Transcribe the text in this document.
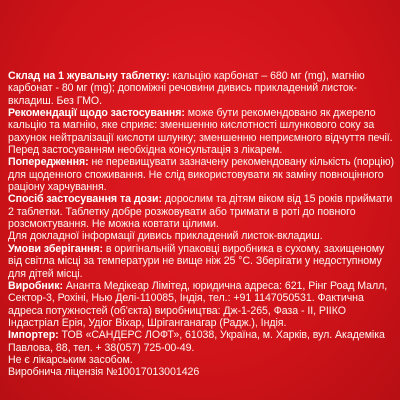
Склад на 1 жувальну таблетку: кальцію карбонат – 680 мг (mg), магнію карбонат - 80 мг (mg); допоміжні речовини дивись прикладений листок-вкладиш. Без ГМО.

Рекомендації щодо застосування: може бути рекомендовано як джерело кальцію та магнію, яке сприяє: зменшенню кислотності шлункового соку за рахунок нейтралізації кислоти шлунку; зменшенню неприємного відчуття печії.

Перед застосуванням необхідна консультація з лікарем.

Попередження: не перевищувати зазначену рекомендовану кількість (порцію) для щоденного споживання. Не слід використовувати як заміну повноцінного раціону харчування.

Спосіб застосування та дози: дорослим та дітям віком від 15 років приймати 2 таблетки. Таблетку добре розжовувати або тримати в роті до повного розсмоктування. Не можна ковтати цілими.

Для докладної інформації дивись прикладений листок-вкладиш.

Умови зберігання: в оригінальній упаковці виробника в сухому, захищеному від світла місці за температури не вище ніж 25 °С. Зберігати у недоступному для дітей місці.

Виробник: Ананта Медікеар Лімітед, юридична адреса: 621, Рінг Роад Малл, Сектор-3, Рохіні, Нью Делі-110085, Індія, тел.: +91 1147050531. Фактична адреса потужностей (об'єкта) виробництва: Дж-1-265, Фаза - ІІ, РІІКО Індастріал Ерія, Удіог Віхар, Шріганганагар (Радж.), Індія.

Імпортер: ТОВ «САНДЕРС ЛОФТ», 61038, Україна, м. Харків, вул. Академіка Павлова, 88, тел. + 38(057) 725-00-49.

Не є лікарським засобом.

Виробнича ліцензія №10017013001426
